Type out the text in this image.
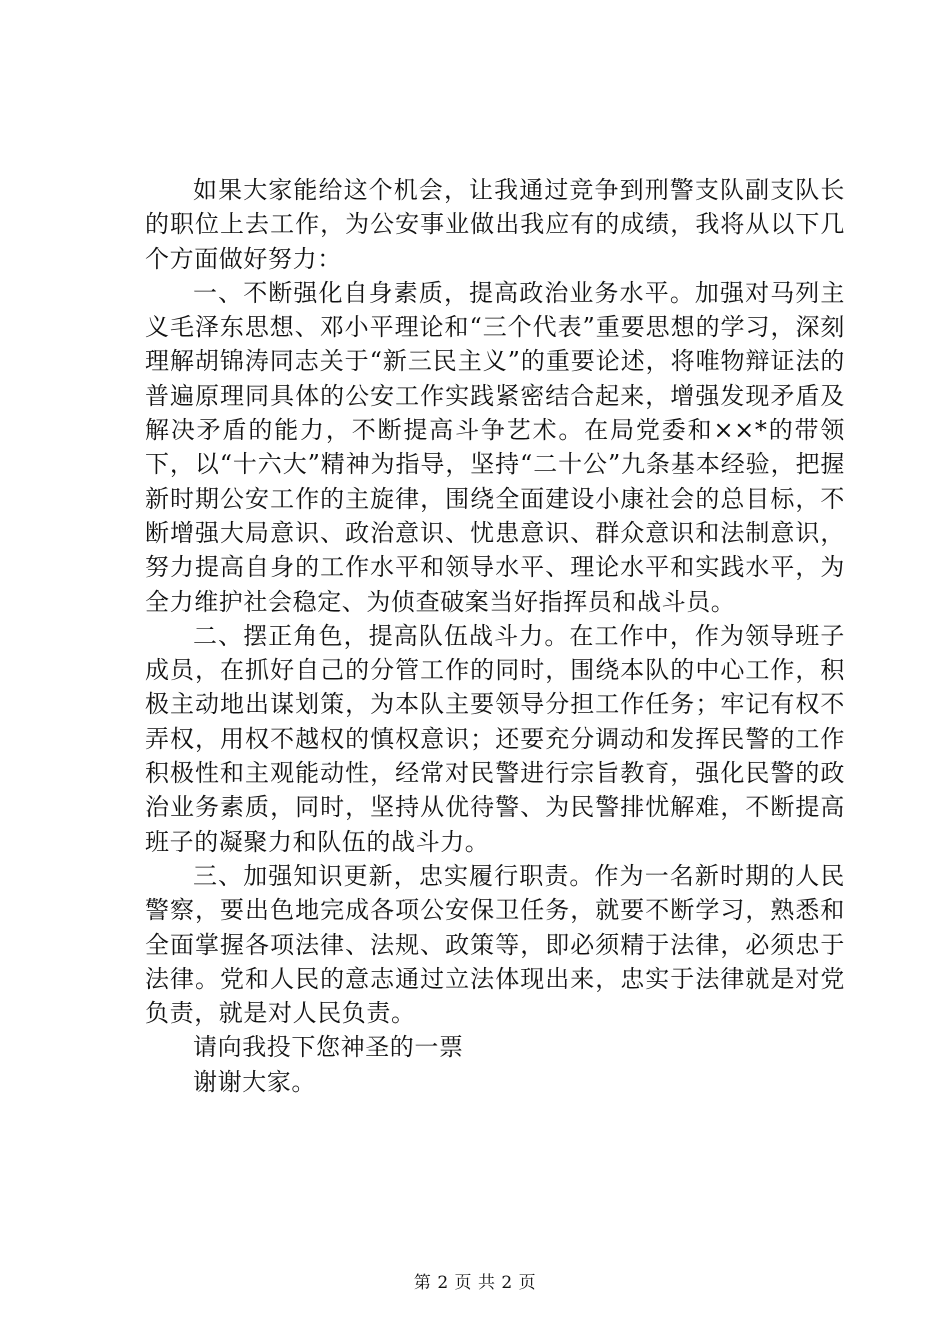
如果大家能给这个机会，让我通过竞争到刑警支队副支队长的职位上去工作，为公安事业做出我应有的成绩，我将从以下几个方面做好努力：

一、不断强化自身素质，提高政治业务水平。加强对马列主义毛泽东思想、邓小平理论和“三个代表”重要思想的学习，深刻理解胡锦涛同志关于“新三民主义”的重要论述，将唯物辩证法的普遍原理同具体的公安工作实践紧密结合起来，增强发现矛盾及解决矛盾的能力，不断提高斗争艺术。在局党委和××*的带领下，以“十六大”精神为指导，坚持“二十公”九条基本经验，把握新时期公安工作的主旋律，围绕全面建设小康社会的总目标，不断增强大局意识、政治意识、忧患意识、群众意识和法制意识，努力提高自身的工作水平和领导水平、理论水平和实践水平，为全力维护社会稳定、为侦查破案当好指挥员和战斗员。

二、摆正角色，提高队伍战斗力。在工作中，作为领导班子成员，在抓好自己的分管工作的同时，围绕本队的中心工作，积极主动地出谋划策，为本队主要领导分担工作任务；牢记有权不弄权，用权不越权的慎权意识；还要充分调动和发挥民警的工作积极性和主观能动性，经常对民警进行宗旨教育，强化民警的政治业务素质，同时，坚持从优待警、为民警排忧解难，不断提高班子的凝聚力和队伍的战斗力。

三、加强知识更新，忠实履行职责。作为一名新时期的人民警察，要出色地完成各项公安保卫任务，就要不断学习，熟悉和全面掌握各项法律、法规、政策等，即必须精于法律，必须忠于法律。党和人民的意志通过立法体现出来，忠实于法律就是对党负责，就是对人民负责。

请向我投下您神圣的一票

谢谢大家。

第 2 页 共 2 页
